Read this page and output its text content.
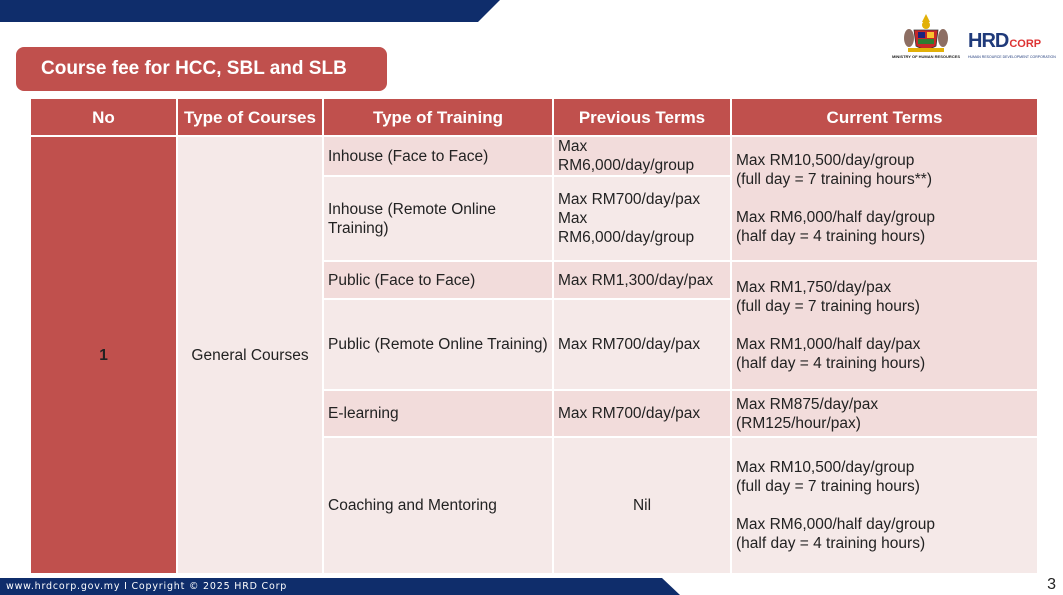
Course fee for HCC, SBL and SLB
MINISTRY OF HUMAN RESOURCES
HRDCORP
HUMAN RESOURCE DEVELOPMENT CORPORATION
No	Type of Courses	Type of Training	Previous Terms	Current Terms
1	General Courses	Inhouse (Face to Face)	Max RM6,000/day/group	Max RM10,500/day/group
(full day = 7 training hours**)
Max RM6,000/half day/group
(half day = 4 training hours)

		Inhouse (Remote Online Training)	Max RM700/day/pax Max RM6,000/day/group	
		Public (Face to Face)	Max RM1,300/day/pax	Max RM1,750/day/pax
(full day = 7 training hours)
Max RM1,000/half day/pax
(half day = 4 training hours)

		Public (Remote Online Training)	Max RM700/day/pax	
		E-learning	Max RM700/day/pax	Max RM875/day/pax
(RM125/hour/pax)

		Coaching and Mentoring	Nil	Max RM10,500/day/group
(full day = 7 training hours)
Max RM6,000/half day/group
(half day = 4 training hours)
www.hrdcorp.gov.my I Copyright © 2025 HRD Corp	3
